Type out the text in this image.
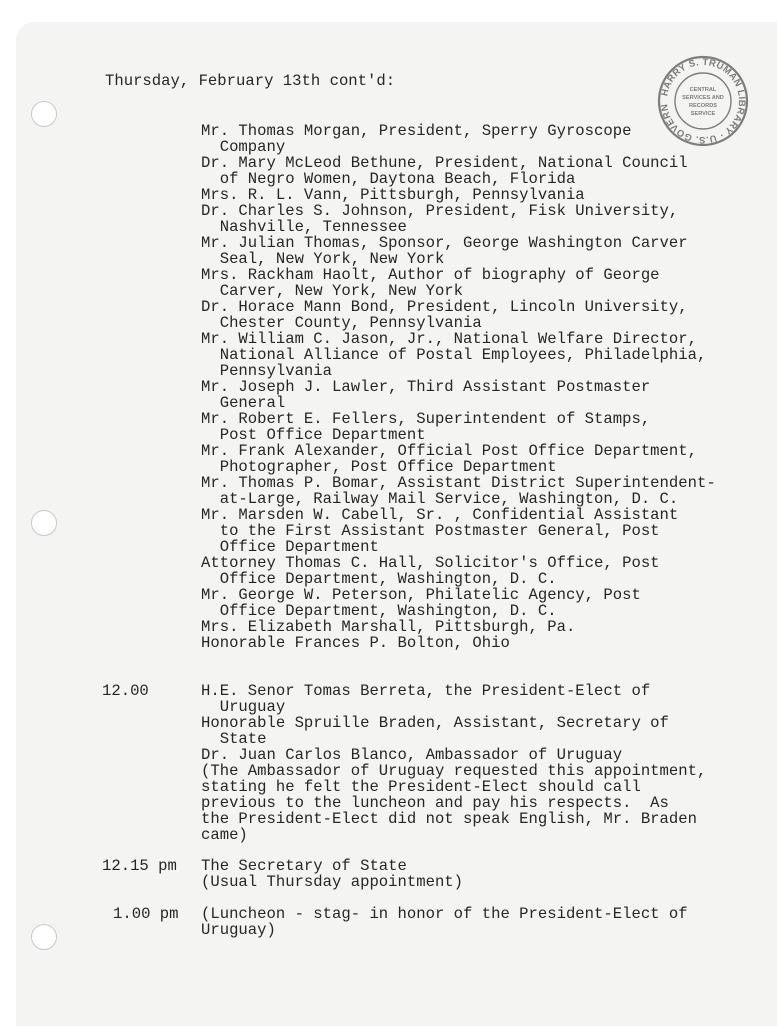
HARRY S. TRUMAN LIBRARY · U.S. GOVERN
CENTRAL
SERVICES AND
RECORDS
SERVICE

Thursday, February 13th cont'd:

Mr. Thomas Morgan, President, Sperry Gyroscope

Company

Dr. Mary McLeod Bethune, President, National Council

of Negro Women, Daytona Beach, Florida

Mrs. R. L. Vann, Pittsburgh, Pennsylvania

Dr. Charles S. Johnson, President, Fisk University,

Nashville, Tennessee

Mr. Julian Thomas, Sponsor, George Washington Carver

Seal, New York, New York

Mrs. Rackham Haolt, Author of biography of George

Carver, New York, New York

Dr. Horace Mann Bond, President, Lincoln University,

Chester County, Pennsylvania

Mr. William C. Jason, Jr., National Welfare Director,

National Alliance of Postal Employees, Philadelphia,

Pennsylvania

Mr. Joseph J. Lawler, Third Assistant Postmaster

General

Mr. Robert E. Fellers, Superintendent of Stamps,

Post Office Department

Mr. Frank Alexander, Official Post Office Department,

Photographer, Post Office Department

Mr. Thomas P. Bomar, Assistant District Superintendent-

at-Large, Railway Mail Service, Washington, D. C.

Mr. Marsden W. Cabell, Sr. , Confidential Assistant

to the First Assistant Postmaster General, Post

Office Department

Attorney Thomas C. Hall, Solicitor's Office, Post

Office Department, Washington, D. C.

Mr. George W. Peterson, Philatelic Agency, Post

Office Department, Washington, D. C.

Mrs. Elizabeth Marshall, Pittsburgh, Pa.

Honorable Frances P. Bolton, Ohio

12.00	H.E. Senor Tomas Berreta, the President-Elect of

Uruguay

Honorable Spruille Braden, Assistant, Secretary of

State

Dr. Juan Carlos Blanco, Ambassador of Uruguay

(The Ambassador of Uruguay requested this appointment,

stating he felt the President-Elect should call

previous to the luncheon and pay his respects.  As

the President-Elect did not speak English, Mr. Braden

came)

12.15 pm The Secretary of State

(Usual Thursday appointment)

1.00 pm (Luncheon - stag- in honor of the President-Elect of

Uruguay)
